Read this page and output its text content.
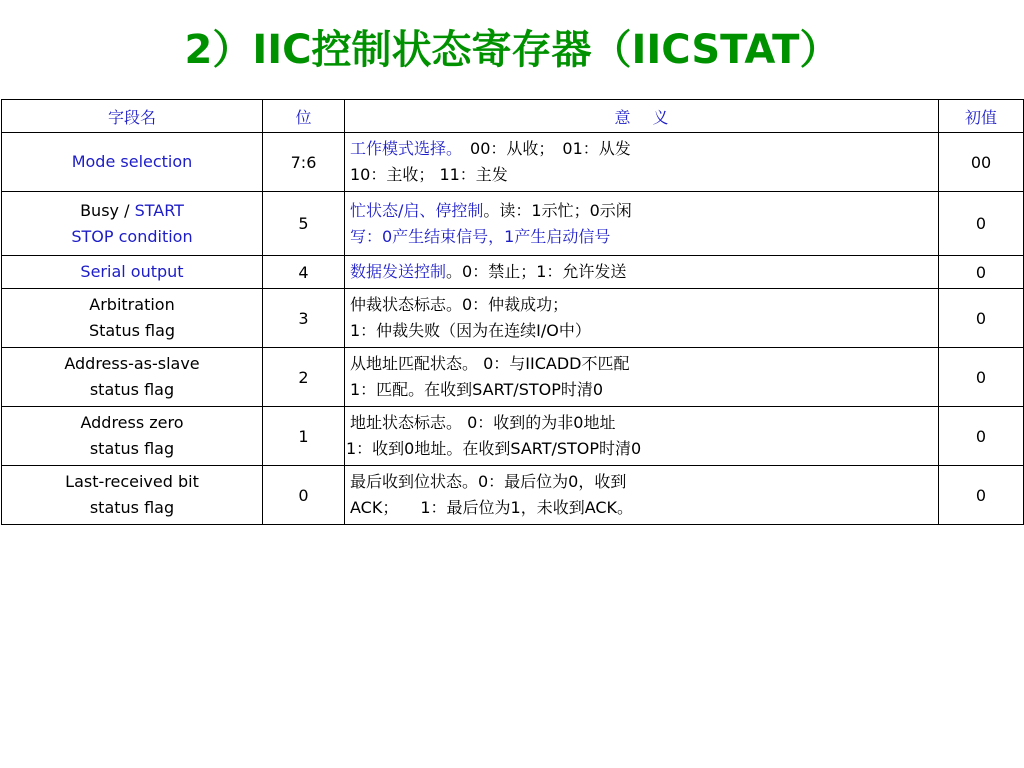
2）IIC控制状态寄存器（IICSTAT）
字段名	位	意 义	初值
Mode selection	7:6	工作模式选择。 00：从收； 01：从发
10：主收； 11：主发	00

Busy / START
STOP condition	5	忙状态/启、停控制。读：1示忙；0示闲
写：0产生结束信号，1产生启动信号	0
Serial output	4	数据发送控制。0：禁止；1：允许发送	0

Arbitration
Status flag	3	仲裁状态标志。0：仲裁成功；
1：仲裁失败（因为在连续I/O中）	0

Address-as-slave
status flag	2	从地址匹配状态。 0：与IICADD不匹配
1：匹配。在收到SART/STOP时清0	0

Address zero
status flag	1	地址状态标志。 0：收到的为非0地址
1：收到0地址。在收到SART/STOP时清0	0

Last-received bit
status flag	0	最后收到位状态。0：最后位为0，收到
ACK； 1：最后位为1，未收到ACK。	0
